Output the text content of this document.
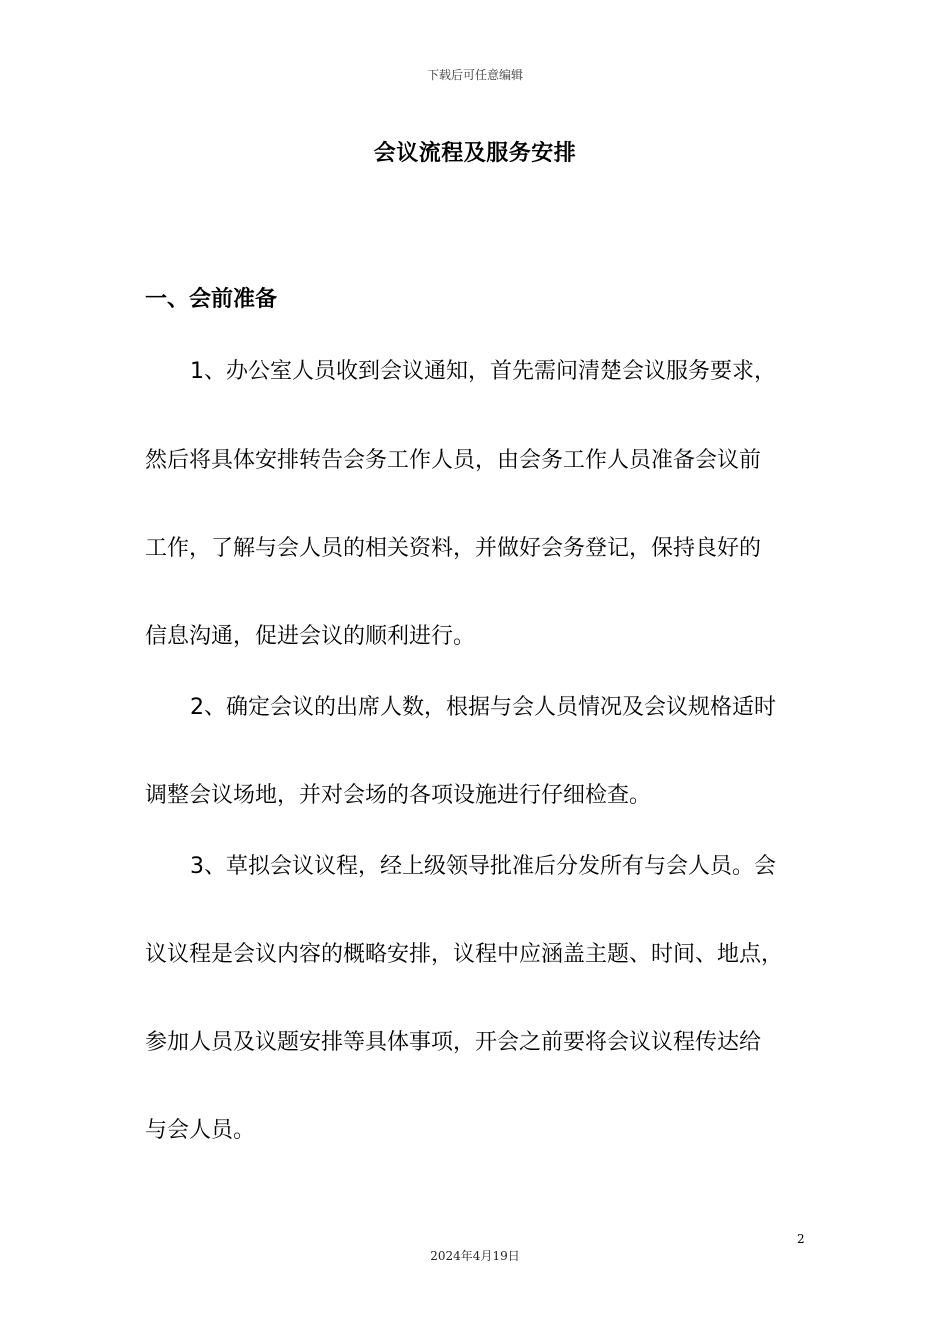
下载后可任意编辑
会议流程及服务安排
一、会前准备
1、办公室人员收到会议通知，首先需问清楚会议服务要求，
然后将具体安排转告会务工作人员，由会务工作人员准备会议前
工作，了解与会人员的相关资料，并做好会务登记，保持良好的
信息沟通，促进会议的顺利进行。
2、确定会议的出席人数，根据与会人员情况及会议规格适时
调整会议场地，并对会场的各项设施进行仔细检查。
3、草拟会议议程，经上级领导批准后分发所有与会人员。会
议议程是会议内容的概略安排，议程中应涵盖主题、时间、地点，
参加人员及议题安排等具体事项，开会之前要将会议议程传达给
与会人员。
2
2024年4月19日
